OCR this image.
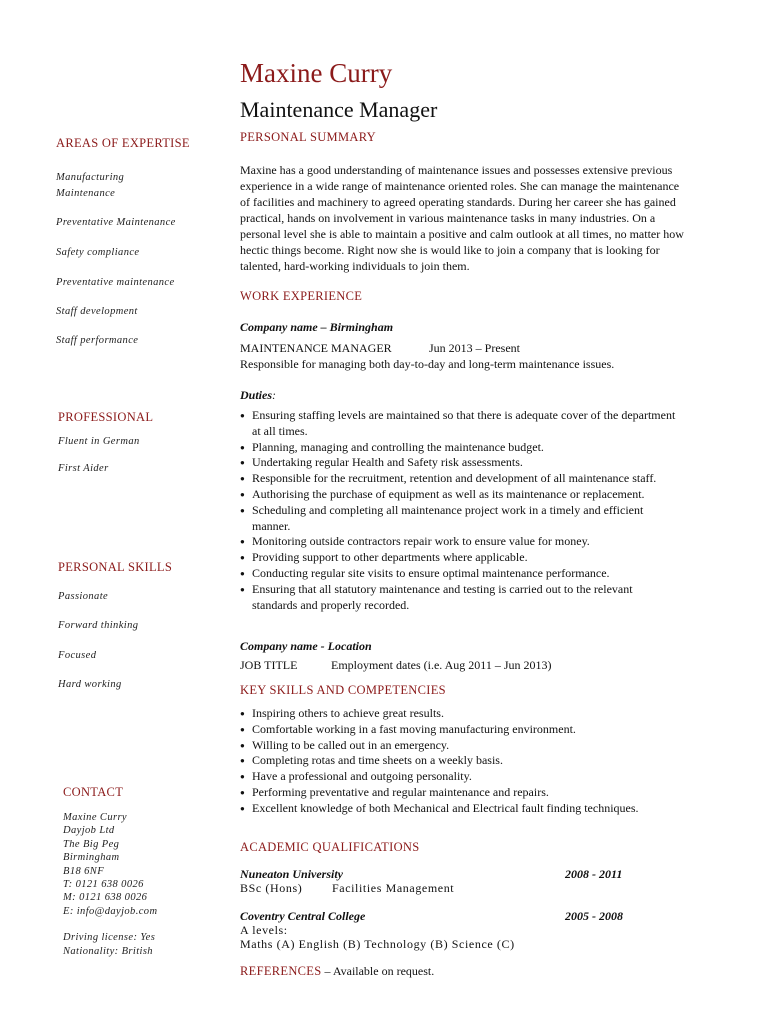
Maxine Curry
Maintenance Manager
AREAS OF EXPERTISE
Manufacturing Maintenance
Preventative Maintenance
Safety compliance
Preventative maintenance
Staff development
Staff performance
PROFESSIONAL
Fluent in German
First Aider
PERSONAL SKILLS
Passionate
Forward thinking
Focused
Hard working
CONTACT
Maxine Curry
Dayjob Ltd
The Big Peg
Birmingham
B18 6NF
T: 0121 638 0026
M: 0121 638 0026
E: info@dayjob.com
Driving license: Yes
Nationality: British
PERSONAL SUMMARY
Maxine has a good understanding of maintenance issues and possesses extensive previous experience in a wide range of maintenance oriented roles. She can manage the maintenance of facilities and machinery to agreed operating standards. During her career she has gained practical, hands on involvement in various maintenance tasks in many industries. On a personal level she is able to maintain a positive and calm outlook at all times, no matter how hectic things become. Right now she is would like to join a company that is looking for talented, hard-working individuals to join them.
WORK EXPERIENCE
Company name – Birmingham
MAINTENANCE MANAGER	Jun 2013 – Present
Responsible for managing both day-to-day and long-term maintenance issues.
Duties:
● Ensuring staffing levels are maintained so that there is adequate cover of the department at all times.
● Planning, managing and controlling the maintenance budget.
● Undertaking regular Health and Safety risk assessments.
● Responsible for the recruitment, retention and development of all maintenance staff.
● Authorising the purchase of equipment as well as its maintenance or replacement.
● Scheduling and completing all maintenance project work in a timely and efficient manner.
● Monitoring outside contractors repair work to ensure value for money.
● Providing support to other departments where applicable.
● Conducting regular site visits to ensure optimal maintenance performance.
● Ensuring that all statutory maintenance and testing is carried out to the relevant standards and properly recorded.
Company name - Location
JOB TITLE	Employment dates (i.e. Aug 2011 – Jun 2013)
KEY SKILLS AND COMPETENCIES
● Inspiring others to achieve great results.
● Comfortable working in a fast moving manufacturing environment.
● Willing to be called out in an emergency.
● Completing rotas and time sheets on a weekly basis.
● Have a professional and outgoing personality.
● Performing preventative and regular maintenance and repairs.
● Excellent knowledge of both Mechanical and Electrical fault finding techniques.
ACADEMIC QUALIFICATIONS
Nuneaton University	2008 - 2011
BSc (Hons) Facilities Management
Coventry Central College	2005 - 2008
A levels:
Maths (A) English (B) Technology (B) Science (C)
REFERENCES – Available on request.
